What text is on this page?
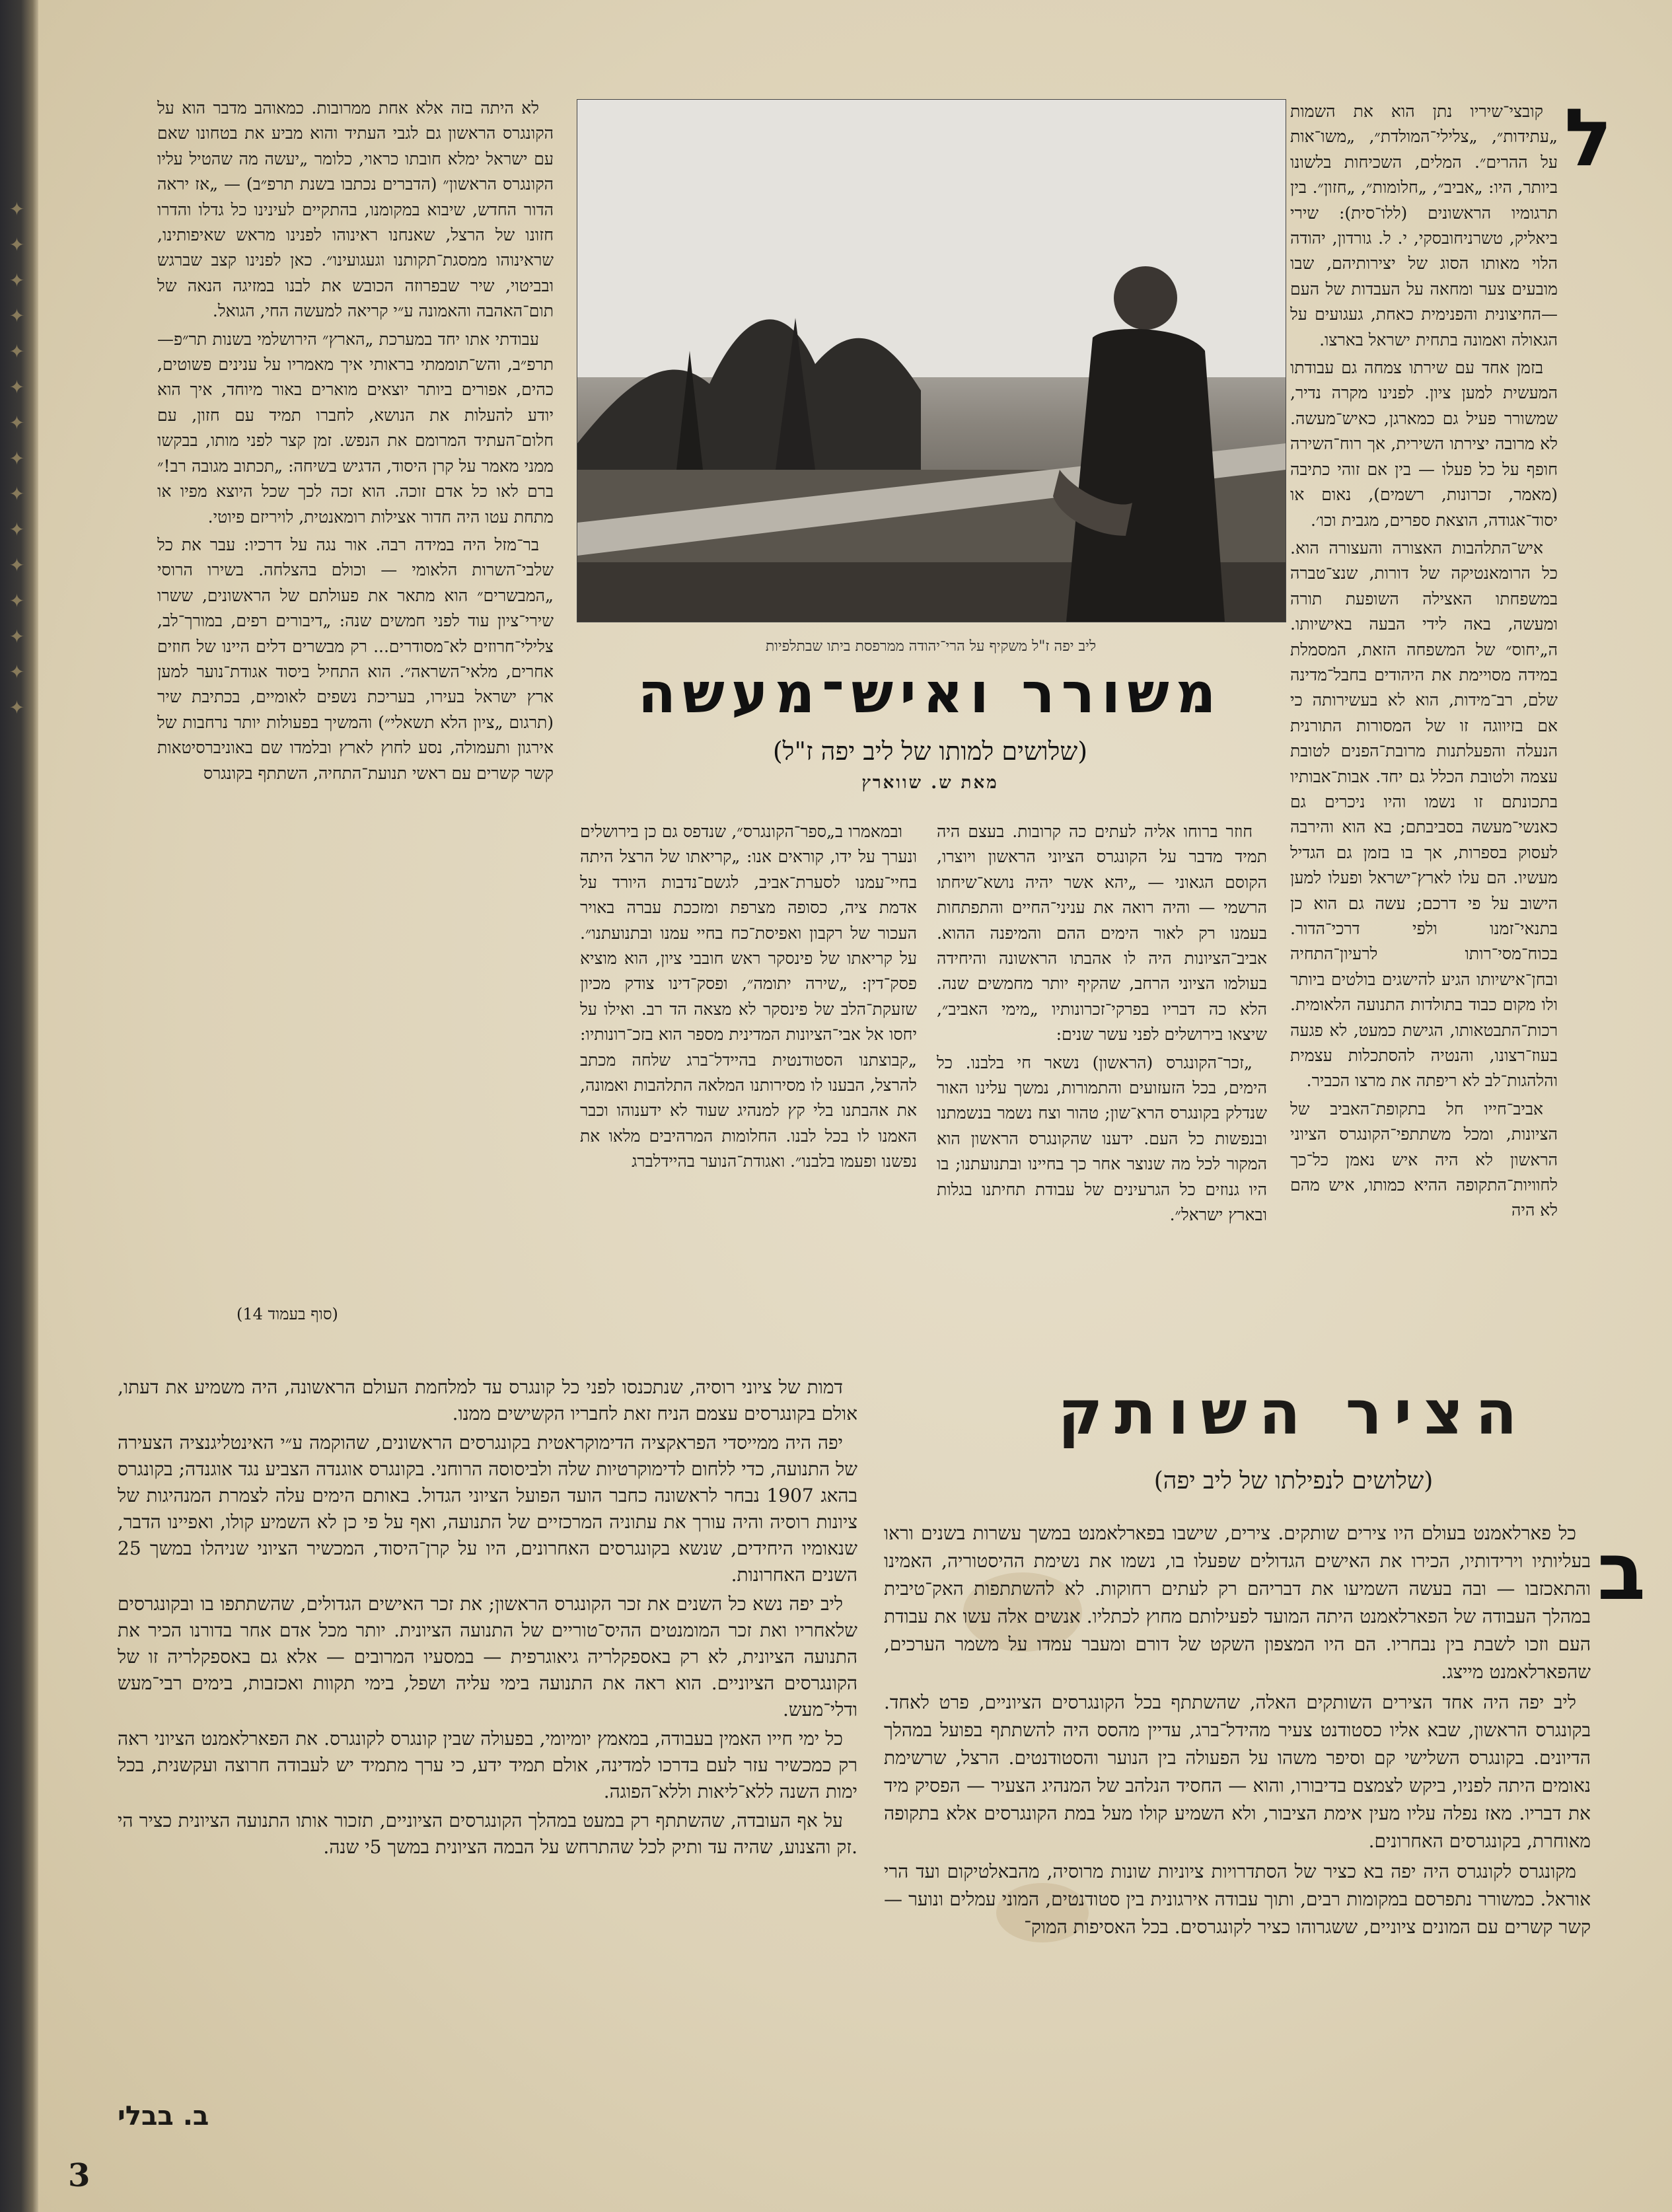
✦ ✦ ✦ ✦ ✦ ✦ ✦ ✦ ✦ ✦ ✦ ✦ ✦ ✦ ✦	ליב יפה ז"ל משקיף על הרי־יהודה ממרפסת ביתו שבתלפיות
משורר ואיש־מעשה
(שלושים למותו של ליב יפה ז"ל)
מאת ש. שווארץ
ל

קובצי־שיריו נתן הוא את השמות „עתידות״, „צלילי־המולדת״, „משו־אות על ההרים״. המלים, השכיחות בלשונו ביותר, היו: „אביב״, „חלומות״, „חזון״. בין תרגומיו הראשונים (ללו־סית): שירי ביאליק, טשרניחובסקי, י. ל. גורדון, יהודה הלוי מאותו הסוג של יצירותיהם, שבו מובעים צער ומחאה על העבדות של העם—החיצונית והפנימית כאחת, געגועים על הגאולה ואמונה בתחית ישראל בארצו.

בזמן אחד עם שירתו צמחה גם עבודתו המעשית למען ציון. לפנינו מקרה נדיר, שמשורר פעיל גם כמארגן, כאיש־מעשה. לא מרובה יצירתו השירית, אך רוח־השירה חופף על כל פעלו — בין אם זוהי כתיבה (מאמר, זכרונות, רשמים), נאום או יסוד־אגודה, הוצאת ספרים, מגבית וכו׳.

איש־התלהבות האצורה והעצורה הוא. כל הרומאנטיקה של דורות, שנצ־טברה במשפחתו האצילה השופעת תורה ומעשה, באה לידי הבעה באישיותו. ה„יחוס״ של המשפחה הזאת, המסמלת במידה מסויימת את היהודים בחבל־מדינה שלם, רב־מידות, הוא לא בעשירותה כי אם בזיווגה זו של המסורות התורנית הנעלה והפעלתנות מרובת־הפנים לטובת עצמה ולטובת הכלל גם יחד. אבות־אבותיו בתכונתם זו נשמו והיו ניכרים גם כאנשי־מעשה בסביבתם; בא הוא והירבה לעסוק בספרות, אך בו בזמן גם הגדיל מעשיו. הם עלו לארץ־ישראל ופעלו למען הישוב על פי דרכם; עשה גם הוא כן בתנאי־זמנו ולפי דרכי־הדור. בכוח־מסי־רותו לרעיון־התחיה ובחן־אישיותו הגיע להישגים בולטים ביותר ולו מקום כבוד בתולדות התנועה הלאומית. רכות־התבטאותו, הגישת כמעט, לא פגעה בעוז־רצונו, והנטיה להסתכלות עצמית והלהגות־לב לא ריפתה את מרצו הכביר.

אביב־חייו חל בתקופת־האביב של הציונות, ומכל משתתפי־הקונגרס הציוני הראשון לא היה איש נאמן כל־כך לחוויות־התקופה ההיא כמותו, איש מהם לא היה

חוזר ברוחו אליה לעתים כה קרובות. בעצם היה תמיד מדבר על הקונגרס הציוני הראשון ויוצרו, הקוסם הגאוני — „יהא אשר יהיה נושא־שיחתו הרשמי — והיה רואה את עניני־החיים והתפתחות בעמנו רק לאור הימים ההם והמיפנה ההוא. אביב־הציונות היה לו אהבתו הראשונה והיחידה בעולמו הציוני הרחב, שהקיף יותר מחמשים שנה. הלא כה דבריו בפרקי־זכרונותיו „מימי האביב״, שיצאו בירושלים לפני עשר שנים:

„זכר־הקונגרס (הראשון) נשאר חי בלבנו. כל הימים, בכל הזעזועים והתמורות, נמשך עלינו האור שנדלק בקונגרס הרא־שון; טהור וצח נשמר בנשמתנו ובנפשות כל העם. ידענו שהקונגרס הראשון הוא המקור לכל מה שנוצר אחר כך בחיינו ובתנועתנו; בו היו גנוזים כל הגרעינים של עבודת תחיתנו בגלות ובארץ ישראל״.

ובמאמרו ב„ספר־הקונגרס״, שנדפס גם כן בירושלים ונערך על ידו, קוראים אנו: „קריאתו של הרצל היתה בחיי־עמנו לסערת־אביב, לגשם־נדבות היורד על אדמת ציה, כסופה מצרפת ומזככת עברה באויר העכור של רקבון ואפיסת־כח בחיי עמנו ובתנועתנו״. על קריאתו של פינסקר ראש חובבי ציון, הוא מוציא פסק־דין: „שירה יתומה״, ופסק־דינו צודק מכיון שזעקת־הלב של פינסקר לא מצאה הד רב. ואילו על יחסו אל אבי־הציונות המדינית מספר הוא בזכ־רונותיו: „קבוצתנו הסטודנטית בהיידל־ברג שלחה מכתב להרצל, הבענו לו מסירותנו המלאה התלהבות ואמונה, את אהבתנו בלי קץ למנהיג שעוד לא ידענוהו וכבר האמנו לו בכל לבנו. החלומות המרהיבים מלאו את נפשנו ופעמו בלבנו״. ואגודת־הנוער בהיידלברג

לא היתה בזה אלא אחת ממרובות. כמאוהב מדבר הוא על הקונגרס הראשון גם לגבי העתיד והוא מביע את בטחונו שאם עם ישראל ימלא חובתו כראוי, כלומר „יעשה מה שהטיל עליו הקונגרס הראשון״ (הדברים נכתבו בשנת תרפ״ב) — „אז יראה הדור החדש, שיבוא במקומנו, בהתקיים לעינינו כל גדלו והדרו חזונו של הרצל, שאנחנו ראינוהו לפנינו מראש שאיפותינו, שראינוהו ממסגת־תקותנו וגעגועינו״. כאן לפנינו קצב שברגש ובביטוי, שיר שבפרוזה הכובש את לבנו במזיגה הנאה של תום־האהבה והאמונה ע״י קריאה למעשה החי, הגואל.

עבודתי אתו יחד במערכת „הארץ״ הירושלמי בשנות תר״פ—תרפ״ב, והש־תוממתי בראותי איך מאמריו על ענינים פשוטים, כהים, אפורים ביותר יוצאים מוארים באור מיוחד, איך הוא יודע להעלות את הנושא, לחברו תמיד עם חזון, עם חלום־העתיד המרומם את הנפש. זמן קצר לפני מותו, בבקשו ממני מאמר על קרן היסוד, הדגיש בשיחה: „תכתוב מגובה רב!״ ברם לאו כל אדם זוכה. הוא זכה לכך שכל היוצא מפיו או מתחת עטו היה חדור אצילות רומאנטית, לויריזם פיוטי.

בר־מזל היה במידה רבה. אור נגה על דרכיו: עבר את כל שלבי־השרות הלאומי — וכולם בהצלחה. בשירו הרוסי „המבשרים״ הוא מתאר את פעולתם של הראשונים, ששרו שירי־ציון עוד לפני חמשים שנה: „דיבורים רפים, במורך־לב, צלילי־חרוזים לא־מסודרים... רק מבשרים דלים היינו של חוזים אחרים, מלאי־השראה״. הוא התחיל ביסוד אגודת־נוער למען ארץ ישראל בעירו, בעריכת נשפים לאומיים, בכתיבת שיר (תרגום „ציון הלא תשאלי״) והמשיך בפעולות יותר נרחבות של אירגון ותעמולה, נסע לחוץ לארץ ובלמדו שם באוניברסיטאות קשר קשרים עם ראשי תנועת־התחיה, השתתף בקונגרס

(סוף בעמוד 14)
הציר השותק
(שלושים לנפילתו של ליב יפה)
ב

כל פארלאמנט בעולם היו צירים שותקים. צירים, שישבו בפארלאמנט במשך עשרות בשנים וראו בעליותיו וירידותיו, הכירו את האישים הגדולים שפעלו בו, נשמו את נשימת ההיסטוריה, האמינו והתאכזבו — ובה בעשה השמיעו את דבריהם רק לעתים רחוקות. לא להשתתפות האק־טיבית במהלך העבודה של הפארלאמנט היתה המועד לפעילותם מחוץ לכתליו. אנשים אלה עשו את עבודת העם וזכו לשבת בין נבחריו. הם היו המצפון השקט של דורם ומעבר עמדו על משמר הערכים, שהפארלאמנט מייצג.

ליב יפה היה אחד הצירים השותקים האלה, שהשתתף בכל הקונגרסים הציוניים, פרט לאחד. בקונגרס הראשון, שבא אליו כסטודנט צעיר מהידל־ברג, עדיין מהסס היה להשתתף בפועל במהלך הדיונים. בקונגרס השלישי קם וסיפר משהו על הפעולה בין הנוער והסטודנטים. הרצל, שרשימת נאומים היתה לפניו, ביקש לצמצם בדיבורו, והוא — החסיד הנלהב של המנהיג הצעיר — הפסיק מיד את דבריו. מאז נפלה עליו מעין אימת הציבור, ולא השמיע קולו מעל במת הקונגרסים אלא בתקופה מאוחרת, בקונגרסים האחרונים.

מקונגרס לקונגרס היה יפה בא כציר של הסתדרויות ציוניות שונות מרוסיה, מהבאלטיקום ועד הרי אוראל. כמשורר נתפרסם במקומות רבים, ותוך עבודה אירגונית בין סטודנטים, המוני עמלים ונוער — קשר קשרים עם המונים ציוניים, ששגרוהו כציר לקונגרסים. בכל האסיפות המוק־

דמות של ציוני רוסיה, שנתכנסו לפני כל קונגרס עד למלחמת העולם הראשונה, היה משמיע את דעתו, אולם בקונגרסים עצמם הניח זאת לחבריו הקשישים ממנו.

יפה היה ממייסדי הפראקציה הדימוקראטית בקונגרסים הראשונים, שהוקמה ע״י האינטליגנציה הצעירה של התנועה, כדי ללחום לדימוקרטיות שלה ולביסוסה הרוחני. בקונגרס אוגנדה הצביע נגד אוגנדה; בקונגרס בהאג 1907 נבחר לראשונה כחבר הועד הפועל הציוני הגדול. באותם הימים עלה לצמרת המנהיגות של ציונות רוסיה והיה עורך את עתוניה המרכזיים של התנועה, ואף על פי כן לא השמיע קולו, ואפיינו הדבר, שנאומיו היחידים, שנשא בקונגרסים האחרונים, היו על קרן־היסוד, המכשיר הציוני שניהלו במשך 25 השנים האחרונות.

ליב יפה נשא כל השנים את זכר הקונגרס הראשון; את זכר האישים הגדולים, שהשתתפו בו ובקונגרסים שלאחריו ואת זכר המומנטים ההיס־טוריים של התנועה הציונית. יותר מכל אדם אחר בדורנו הכיר את התנועה הציונית, לא רק באספקלריה גיאוגרפית — במסעיו המרובים — אלא גם באספקלריה זו של הקונגרסים הציוניים. הוא ראה את התנועה בימי עליה ושפל, בימי תקוות ואכזבות, בימים רבי־מעש ודלי־מעש.

כל ימי חייו האמין בעבודה, במאמץ יומיומי, בפעולה שבין קונגרס לקונגרס. את הפארלאמנט הציוני ראה רק כמכשיר עזר לעם בדרכו למדינה, אולם תמיד ידע, כי ערך מתמיד יש לעבודה חרוצה ועקשנית, בכל ימות השנה ללא־ליאות וללא־הפוגה.

על אף העובדה, שהשתתף רק במעט במהלך הקונגרסים הציוניים, תזכור אותו התנועה הציונית כציר הי .זק והצנוע, שהיה עד ותיק לכל שהתרחש על הבמה הציונית במשך 5י שנה.

ב. בבלי
3
